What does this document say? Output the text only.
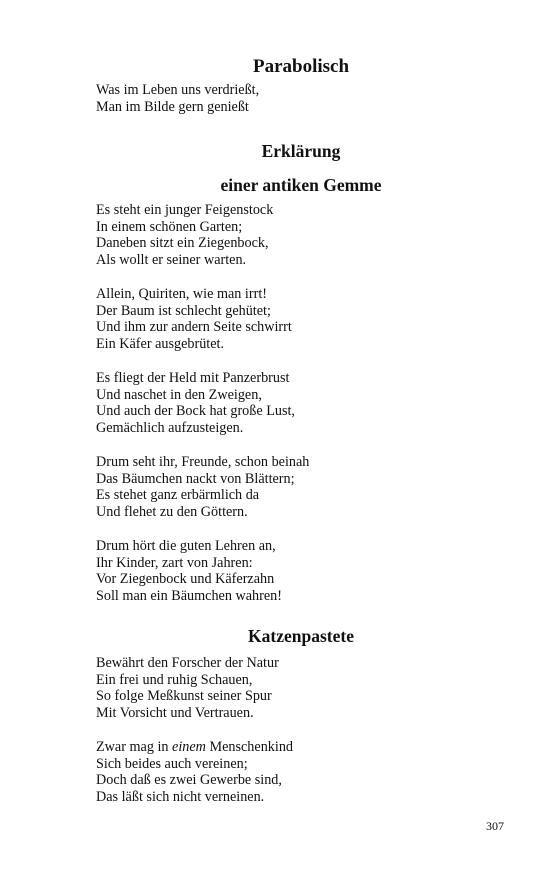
Parabolisch

Was im Leben uns verdrießt,
Man im Bilde gern genießt

Erklärung
einer antiken Gemme

Es steht ein junger Feigenstock
In einem schönen Garten;
Daneben sitzt ein Ziegenbock,
Als wollt er seiner warten.

Allein, Quiriten, wie man irrt!
Der Baum ist schlecht gehütet;
Und ihm zur andern Seite schwirrt
Ein Käfer ausgebrütet.

Es fliegt der Held mit Panzerbrust
Und naschet in den Zweigen,
Und auch der Bock hat große Lust,
Gemächlich aufzusteigen.

Drum seht ihr, Freunde, schon beinah
Das Bäumchen nackt von Blättern;
Es stehet ganz erbärmlich da
Und flehet zu den Göttern.

Drum hört die guten Lehren an,
Ihr Kinder, zart von Jahren:
Vor Ziegenbock und Käferzahn
Soll man ein Bäumchen wahren!

Katzenpastete

Bewährt den Forscher der Natur
Ein frei und ruhig Schauen,
So folge Meßkunst seiner Spur
Mit Vorsicht und Vertrauen.

Zwar mag in einem Menschenkind
Sich beides auch vereinen;
Doch daß es zwei Gewerbe sind,
Das läßt sich nicht verneinen.

307
